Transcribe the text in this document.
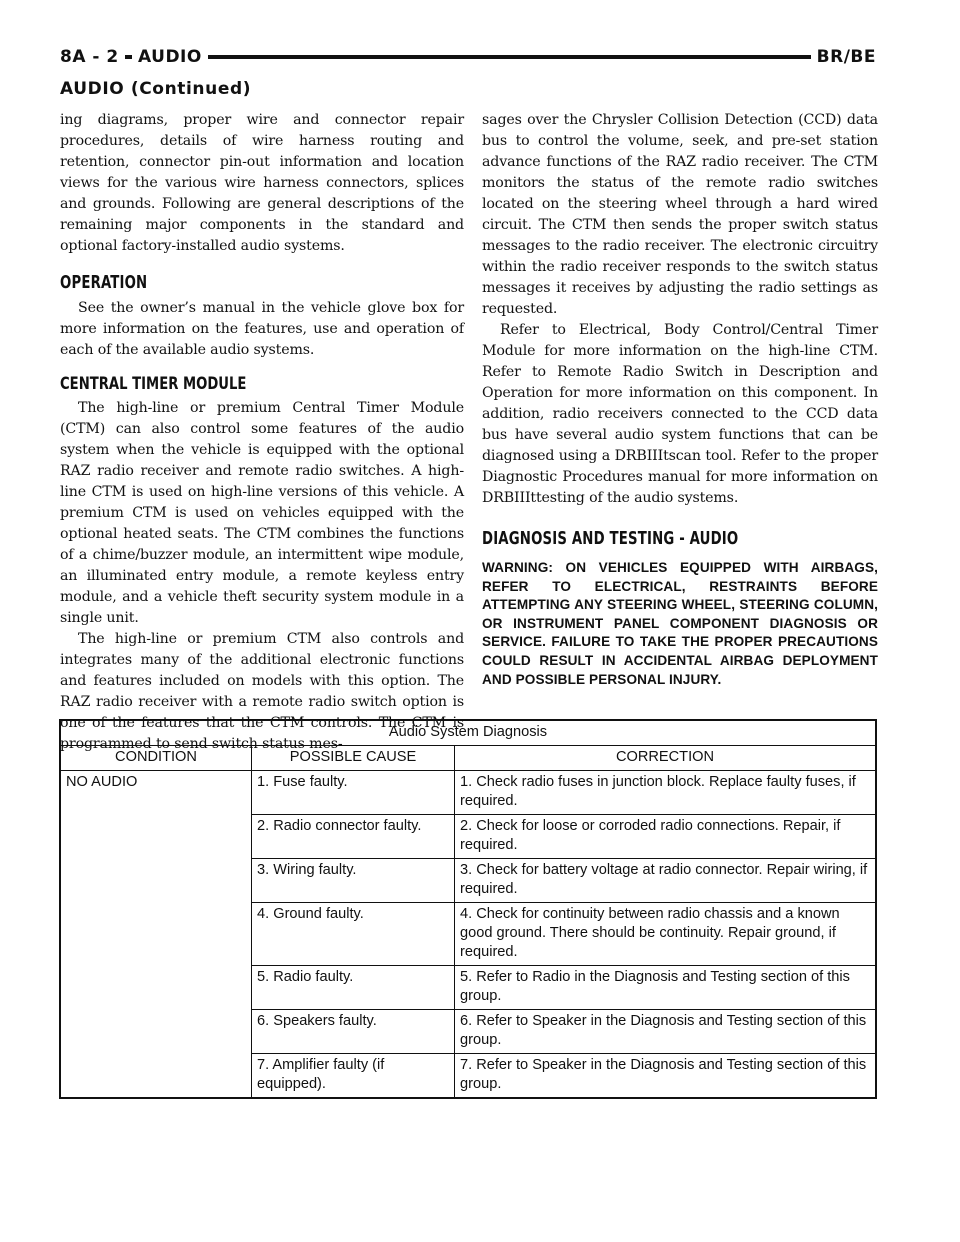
8A - 2	AUDIO	BR/BE
AUDIO (Continued)

ing diagrams, proper wire and connector repair procedures, details of wire harness routing and retention, connector pin-out information and location views for the various wire harness connectors, splices and grounds. Following are general descriptions of the remaining major components in the standard and optional factory-installed audio systems.

OPERATION

See the owner’s manual in the vehicle glove box for more information on the features, use and operation of each of the available audio systems.

CENTRAL TIMER MODULE

The high-line or premium Central Timer Module (CTM) can also control some features of the audio system when the vehicle is equipped with the optional RAZ radio receiver and remote radio switches. A high-line CTM is used on high-line versions of this vehicle. A premium CTM is used on vehicles equipped with the optional heated seats. The CTM combines the functions of a chime/buzzer module, an intermittent wipe module, an illuminated entry module, a remote keyless entry module, and a vehicle theft security system module in a single unit.

The high-line or premium CTM also controls and integrates many of the additional electronic functions and features included on models with this option. The RAZ radio receiver with a remote radio switch option is one of the features that the CTM controls. The CTM is programmed to send switch status mes-

sages over the Chrysler Collision Detection (CCD) data bus to control the volume, seek, and pre-set station advance functions of the RAZ radio receiver. The CTM monitors the status of the remote radio switches located on the steering wheel through a hard wired circuit. The CTM then sends the proper switch status messages to the radio receiver. The electronic circuitry within the radio receiver responds to the switch status messages it receives by adjusting the radio settings as requested.

Refer to Electrical, Body Control/Central Timer Module for more information on the high-line CTM. Refer to Remote Radio Switch in Description and Operation for more information on this component. In addition, radio receivers connected to the CCD data bus have several audio system functions that can be diagnosed using a DRBIIItscan tool. Refer to the proper Diagnostic Procedures manual for more information on DRBIIIttesting of the audio systems.

DIAGNOSIS AND TESTING - AUDIO
WARNING: ON VEHICLES EQUIPPED WITH AIRBAGS, REFER TO ELECTRICAL, RESTRAINTS BEFORE ATTEMPTING ANY STEERING WHEEL, STEERING COLUMN, OR INSTRUMENT PANEL COMPONENT DIAGNOSIS OR SERVICE. FAILURE TO TAKE THE PROPER PRECAUTIONS COULD RESULT IN ACCIDENTAL AIRBAG DEPLOYMENT AND POSSIBLE PERSONAL INJURY.
Audio System Diagnosis		
CONDITION	POSSIBLE CAUSE	CORRECTION
NO AUDIO	1. Fuse faulty.	1. Check radio fuses in junction block. Replace faulty fuses, if required.
	2. Radio connector faulty.	2. Check for loose or corroded radio connections. Repair, if required.
	3. Wiring faulty.	3. Check for battery voltage at radio connector. Repair wiring, if required.
	4. Ground faulty.	4. Check for continuity between radio chassis and a known good ground. There should be continuity. Repair ground, if required.
	5. Radio faulty.	5. Refer to Radio in the Diagnosis and Testing section of this group.
	6. Speakers faulty.	6. Refer to Speaker in the Diagnosis and Testing section of this group.
	7. Amplifier faulty (if equipped).	7. Refer to Speaker in the Diagnosis and Testing section of this group.
